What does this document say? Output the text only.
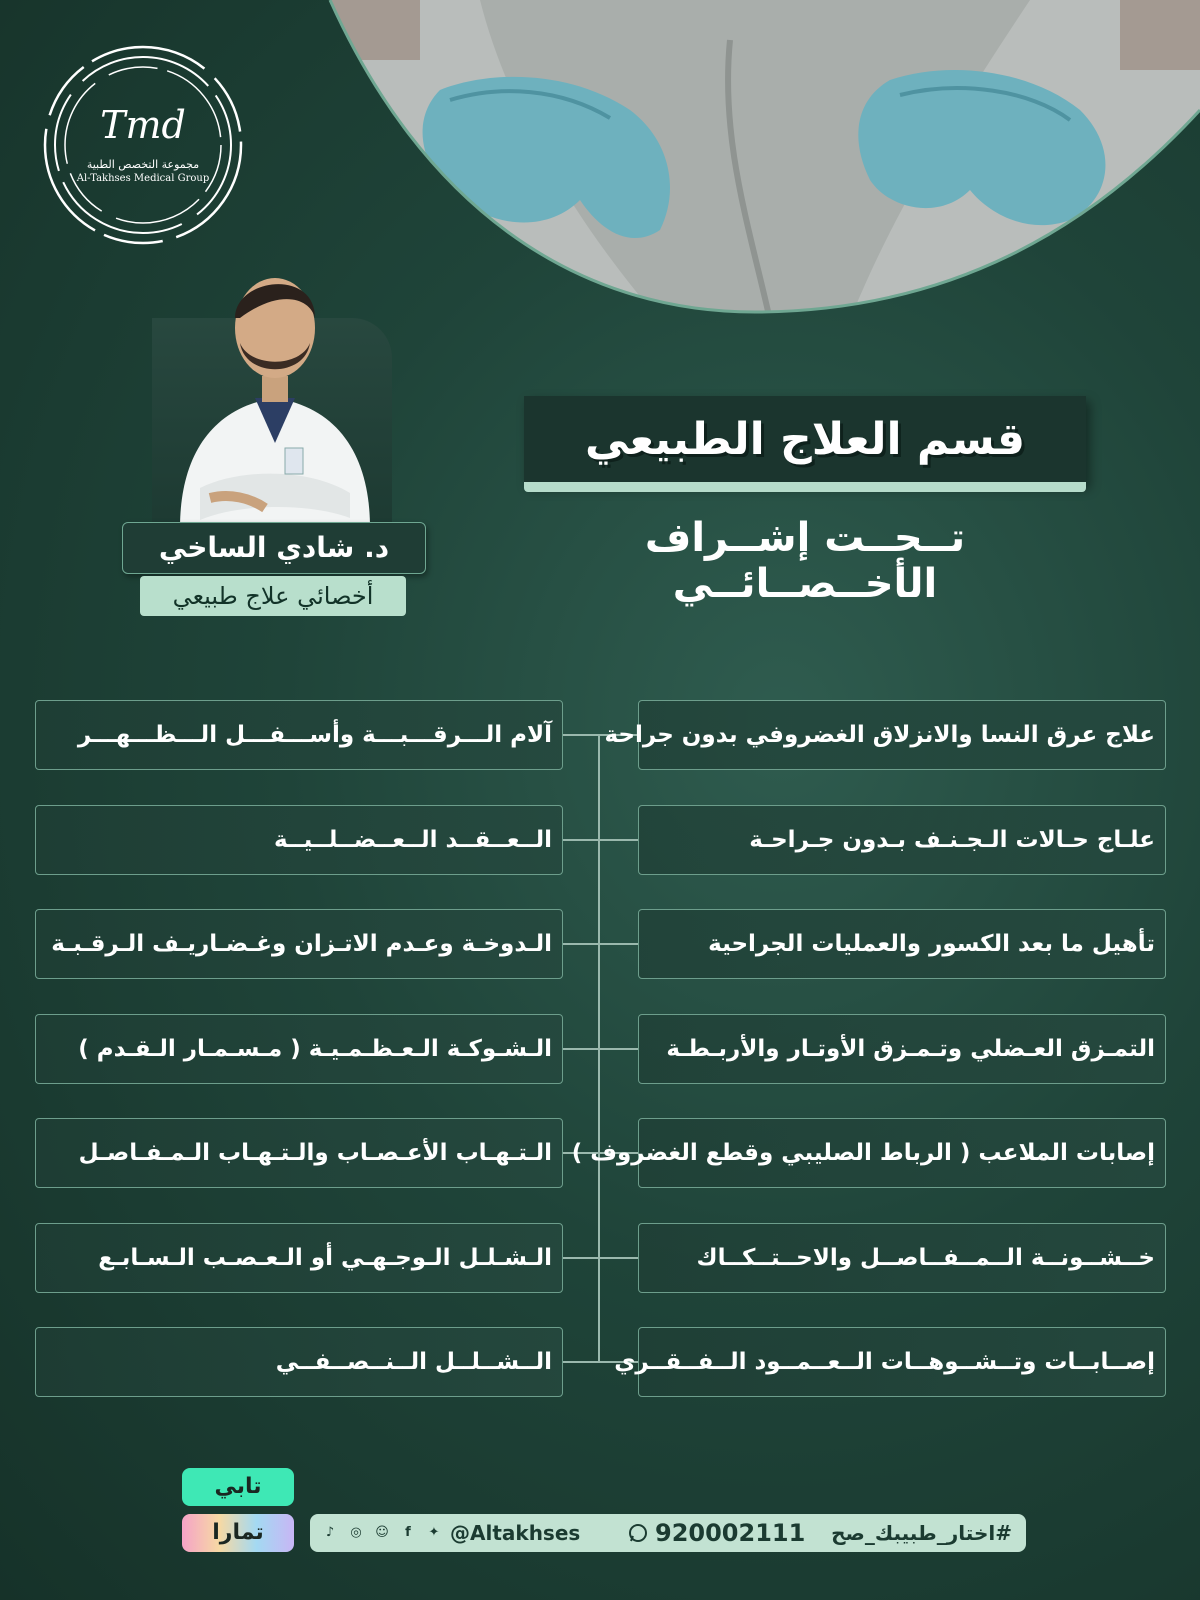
Tmd
مجموعة التخصص الطبية
Al-Takhses Medical Group
د. شادي الساخي
أخصائي علاج طبيعي
قسم العلاج الطبيعي
تــحــت إشــراف الأخــصــائــي
علاج عرق النسا والانزلاق الغضروفي بدون جراحة
علـاج حـالات الـجـنـف بـدون جـراحـة
تأهيل ما بعد الكسور والعمليات الجراحية
التمـزق العـضلي وتـمـزق الأوتـار والأربـطـة
إصابات الملاعب ( الرباط الصليبي وقطع الغضروف )
خــشــونــة الــمــفــاصــل والاحــتــكــاك
إصــابــات وتــشــوهــات الــعــمــود الــفــقــري
آلام الـــرقـــبـــة وأســـفـــل الـــظـــهـــر
الــعــقــد الــعــضــلــيــة
الـدوخـة وعـدم الاتـزان وغـضـاريـف الـرقـبـة
الـشـوكـة الـعـظـمـيـة ( مـسـمـار الـقـدم )
الـتـهـاب الأعـصـاب والـتـهـاب الـمـفـاصـل
الـشـلـل الـوجـهـي أو الـعـصـب الـسـابـع
الــشــلــل الــنــصــفــي
تابي
تمارا	♪	◎	☺	f	✦ @Altakhses	920002111 #اختار_طبيبك_صح
